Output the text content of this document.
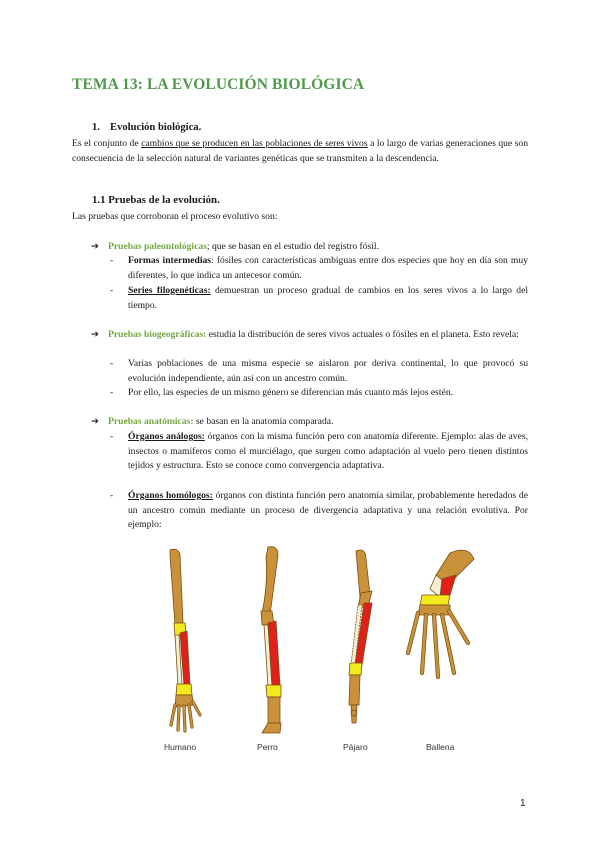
TEMA 13: LA EVOLUCIÓN BIOLÓGICA
1. Evolución biológica.
Es el conjunto de cambios que se producen en las poblaciones de seres vivos a lo largo de varias generaciones que son consecuencia de la selección natural de variantes genéticas que se transmiten a la descendencia.
1.1 Pruebas de la evolución.
Las pruebas que corroboran el proceso evolutivo son:
➔ Pruebas paleontológicas; que se basan en el estudio del registro fósil.
- Formas intermedias: fósiles con características ambiguas entre dos especies que hoy en día son muy diferentes, lo que indica un antecesor común.
- Series filogenéticas: demuestran un proceso gradual de cambios en los seres vivos a lo largo del tiempo.
➔ Pruebas biogeográficas: estudia la distribución de seres vivos actuales o fósiles en el planeta. Esto revela:
- Varias poblaciones de una misma especie se aislaron por deriva continental, lo que provocó su evolución independiente, aún así con un ancestro común.
- Por ello, las especies de un mismo género se diferencian más cuanto más lejos estén.
➔ Pruebas anatómicas: se basan en la anatomía comparada.
- Órganos análogos: órganos con la misma función pero con anatomía diferente. Ejemplo: alas de aves, insectos o mamíferos como el murciélago, que surgen como adaptación al vuelo pero tienen distintos tejidos y estructura. Esto se conoce como convergencia adaptativa.
- Órganos homólogos: órganos con distinta función pero anatomía similar, probablemente heredados de un ancestro común mediante un proceso de divergencia adaptativa y una relación evolutiva. Por ejemplo:
Humano	Perro	Pájaro	Ballena
1
